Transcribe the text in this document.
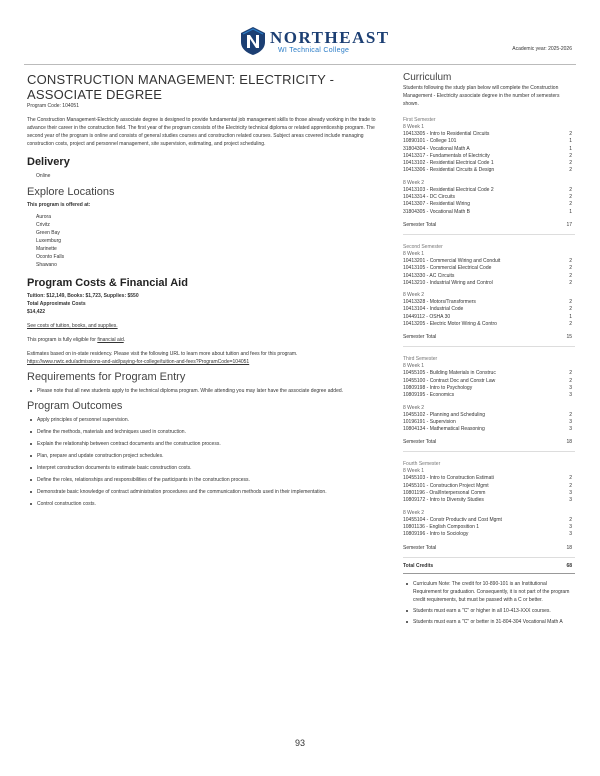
NORTHEAST
WI Technical College	Academic year: 2025-2026
CONSTRUCTION MANAGEMENT: ELECTRICITY -
ASSOCIATE DEGREE
Program Code: 104051
The Construction Management-Electricity associate degree is designed to provide fundamental job management skills to those already working in the trade to advance their career in the construction field. The first year of the program consists of the Electricity technical diploma or related apprenticeship program. The second year of the program is online and consists of general studies courses and construction related courses. Subject areas covered include managing construction costs, project and personnel management, site supervision, estimating, and project scheduling.
Delivery
Online
Explore Locations
This program is offered at:
Aurora
Crivitz
Green Bay
Luxemburg
Marinette
Oconto Falls
Shawano
Program Costs & Financial Aid
Tuition: $12,149, Books: $1,723, Supplies: $550
Total Approximate Costs
$14,422
See costs of tuition, books, and supplies.
This program is fully eligible for financial aid.
Estimates based on in-state residency. Please visit the following URL to learn more about tuition and fees for this program.
https://www.nwtc.edu/admissions-and-aid/paying-for-college/tuition-and-fees?ProgramCode=104051
Requirements for Program Entry
Please note that all new students apply to the technical diploma program. While attending you may later have the associate degree added.
Program Outcomes
Apply principles of personnel supervision.
Define the methods, materials and techniques used in construction.
Explain the relationship between contract documents and the construction process.
Plan, prepare and update construction project schedules.
Interpret construction documents to estimate basic construction costs.
Define the roles, relationships and responsibilities of the participants in the construction process.
Demonstrate basic knowledge of contract administration procedures and the communication methods used in their implementation.
Control construction costs.
Curriculum
Students following the study plan below will complete the Construction Management - Electricity associate degree in the number of semesters shown.
First Semester
8 Week 1
10413305 - Intro to Residential Circuits	2
10890101 - College 101	1
31804304 - Vocational Math A	1
10413317 - Fundamentals of Electricity	2
10413102 - Residential Electrical Code 1	2
10413306 - Residential Circuits & Design	2
8 Week 2
10413103 - Residential Electrical Code 2	2
10413314 - DC Circuits	2
10413307 - Residential Wiring	2
31804305 - Vocational Math B	1
Semester Total	17
Second Semester
8 Week 1
10413201 - Commercial Wiring and Conduit	2
10413105 - Commercial Electrical Code	2
10413330 - AC Circuits	2
10413210 - Industrial Wiring and Control	2
8 Week 2
10413328 - Motors/Transformers	2
10413104 - Industrial Code	2
10449112 - OSHA 30	1
10413205 - Electric Motor Wiring & Contro	2
Semester Total	15
Third Semester
8 Week 1
10455105 - Building Materials in Construc	2
10455100 - Contract Doc and Constr Law	2
10809198 - Intro to Psychology	3
10809195 - Economics	3
8 Week 2
10455102 - Planning and Scheduling	2
10196191 - Supervision	3
10804134 - Mathematical Reasoning	3
Semester Total	18
Fourth Semester
8 Week 1
10455103 - Intro to Construction Estimati	2
10455101 - Construction Project Mgmt	2
10801196 - Oral/Interpersonal Comm	3
10809172 - Intro to Diversity Studies	3
8 Week 2
10455104 - Constr Productiv and Cost Mgmt	2
10801136 - English Composition 1	3
10809196 - Intro to Sociology	3
Semester Total	18
Total Credits	68
Curriculum Note: The credit for 10-890-101 is an Institutional Requirement for graduation. Consequently, it is not part of the program credit requirements, but must be passed with a C or better.
Students must earn a "C" or higher in all 10-413-XXX courses.
Students must earn a "C" or better in 31-804-304 Vocational Math A
93
